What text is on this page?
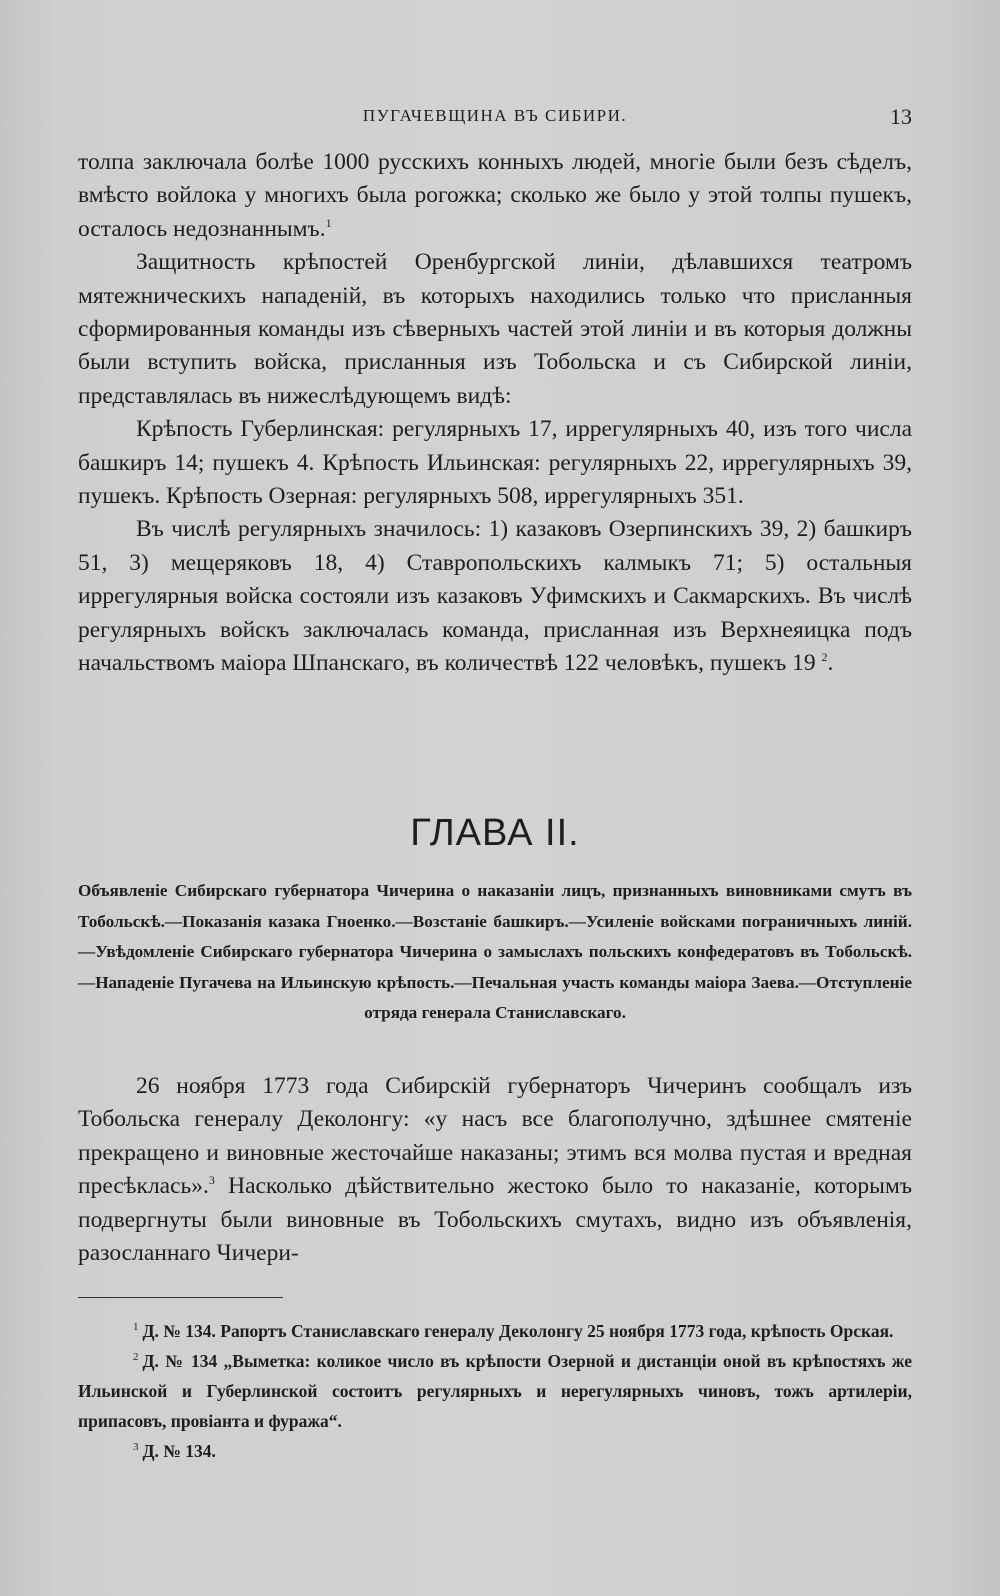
ПУГАЧЕВЩИНА ВЪ СИБИРИ.	13

толпа заключала болѣе 1000 русскихъ конныхъ людей, многіе были безъ сѣделъ, вмѣсто войлока у многихъ была рогожка; сколько же было у этой толпы пушекъ, осталось недознаннымъ.$^1$

Защитность крѣпостей Оренбургской линіи, дѣлавшихся театромъ мятежническихъ нападеній, въ которыхъ находились только что присланныя сформированныя команды изъ сѣверныхъ частей этой линіи и въ которыя должны были вступить войска, присланныя изъ Тобольска и съ Сибирской линіи, представлялась въ нижеслѣдующемъ видѣ:

Крѣпость Губерлинская: регулярныхъ 17, иррегулярныхъ 40, изъ того числа башкиръ 14; пушекъ 4. Крѣпость Ильинская: регулярныхъ 22, иррегулярныхъ 39, пушекъ. Крѣпость Озерная: регулярныхъ 508, иррегулярныхъ 351.

Въ числѣ регулярныхъ значилось: 1) казаковъ Озерпинскихъ 39, 2) башкиръ 51, 3) мещеряковъ 18, 4) Ставропольскихъ калмыкъ 71; 5) остальныя иррегулярныя войска состояли изъ казаковъ Уфимскихъ и Сакмарскихъ. Въ числѣ регулярныхъ войскъ заключалась команда, присланная изъ Верхнеяицка подъ начальствомъ маіора Шпанскаго, въ количествѣ 122 человѣкъ, пушекъ 19 $^2$.

ГЛАВА II.
Объявленіе Сибирскаго губернатора Чичерина о наказаніи лицъ, признанныхъ виновниками смутъ въ Тобольскѣ.—Показанія казака Гноенко.—Возстаніе башкиръ.—Усиленіе войсками пограничныхъ линій.—Увѣдомленіе Сибирскаго губернатора Чичерина о замыслахъ польскихъ конфедератовъ въ Тобольскѣ.—Нападеніе Пугачева на Ильинскую крѣпость.—Печальная участь команды маіора Заева.—Отступленіе отряда генерала Станиславскаго.

26 ноября 1773 года Сибирскій губернаторъ Чичеринъ сообщалъ изъ Тобольска генералу Деколонгу: «у насъ все благополучно, здѣшнее смятеніе прекращено и виновные жесточайше наказаны; этимъ вся молва пустая и вредная пресѣклась».$^3$ Насколько дѣйствительно жестоко было то наказаніе, которымъ подвергнуты были виновные въ Тобольскихъ смутахъ, видно изъ объявленія, разосланнаго Чичери-

$^1$ Д. № 134. Рапортъ Станиславскаго генералу Деколонгу 25 ноября 1773 года, крѣпость Орская.

$^2$ Д. № 134 „Выметка: коликое число въ крѣпости Озерной и дистанціи оной въ крѣпостяхъ же Ильинской и Губерлинской состоитъ регулярныхъ и нерегулярныхъ чиновъ, тожъ артилеріи, припасовъ, провіанта и фуража“.

$^3$ Д. № 134.
